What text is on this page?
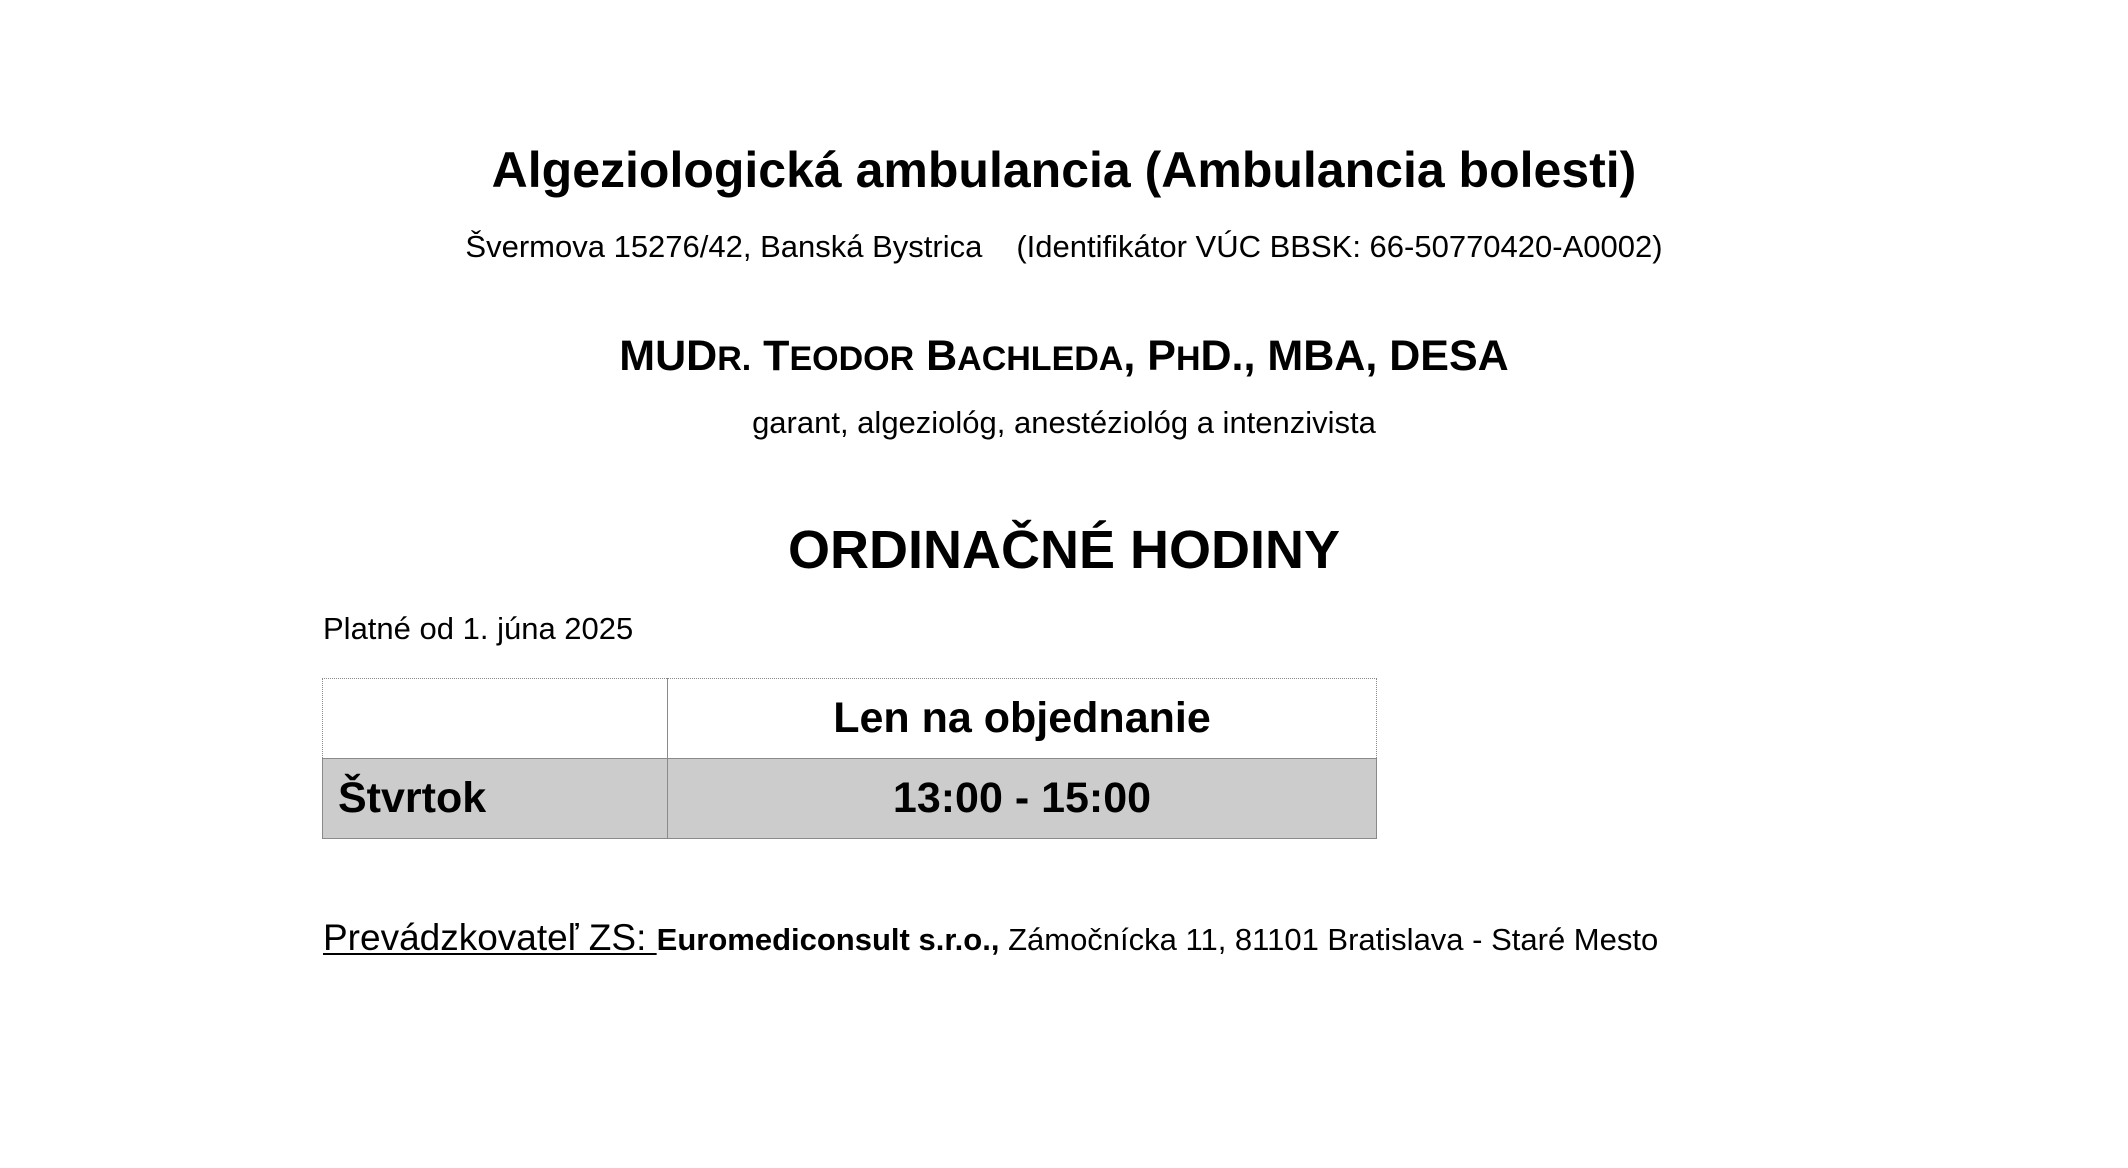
Algeziologická ambulancia (Ambulancia bolesti)
Švermova 15276/42, Banská Bystrica (Identifikátor VÚC BBSK: 66-50770420-A0002)
MUDR. TEODOR BACHLEDA, PHD., MBA, DESA
garant, algeziológ, anestéziológ a intenzivista
ORDINAČNÉ HODINY
Platné od 1. júna 2025
	Len na objednanie
Štvrtok	13:00 - 15:00
Prevádzkovateľ ZS: Euromediconsult s.r.o., Zámočnícka 11, 81101 Bratislava - Staré Mesto
